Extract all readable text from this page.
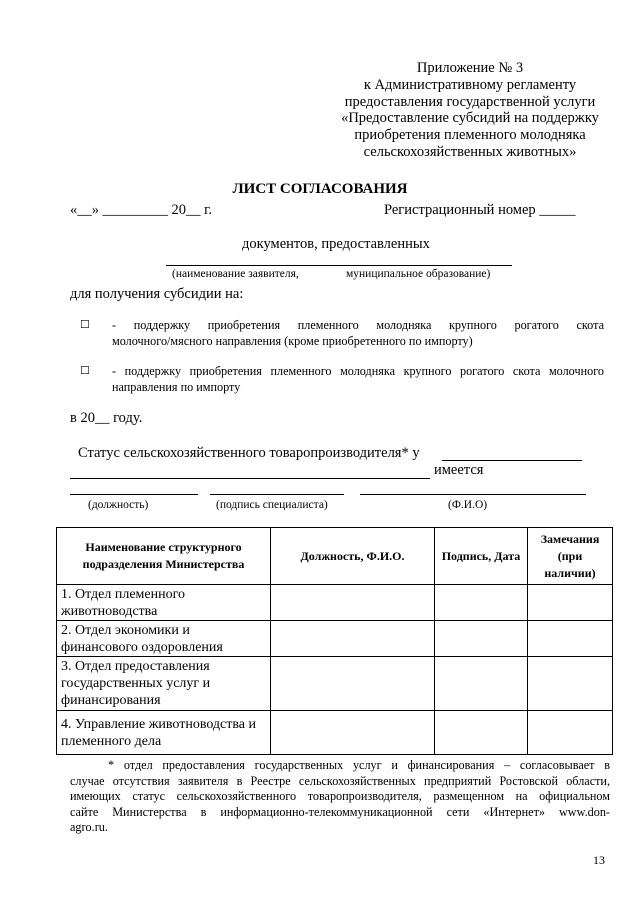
Приложение № 3
к Административному регламенту
предоставления государственной услуги
«Предоставление субсидий на поддержку
приобретения племенного молодняка
сельскохозяйственных животных»
ЛИСТ СОГЛАСОВАНИЯ
«__» _________ 20__ г.	Регистрационный номер _____
документов, предоставленных
(наименование заявителя,	муниципальное образование)
для получения субсидии на:
☐ - поддержку приобретения племенного молодняка крупного рогатого скота
молочного/мясного направления (кроме приобретенного по импорту)
☐ - поддержку приобретения племенного молодняка крупного рогатого скота молочного
направления по импорту
в 20__ году.
Статус сельскохозяйственного товаропроизводителя* у
имеется
(должность)	(подпись специалиста)	(Ф.И.О)
Наименование структурного подразделения Министерства	Должность, Ф.И.О.	Подпись, Дата	Замечания (при наличии)
1. Отдел племенного животноводства			
2. Отдел экономики и финансового оздоровления			
3. Отдел предоставления государственных услуг и финансирования			
4. Управление животноводства и племенного дела			
* отдел предоставления государственных услуг и финансирования – согласовывает в
случае отсутствия заявителя в Реестре сельскохозяйственных предприятий Ростовской области,
имеющих статус сельскохозяйственного товаропроизводителя, размещенном на официальном
сайте Министерства в информационно-телекоммуникационной сети «Интернет» www.don-
agro.ru.
13
